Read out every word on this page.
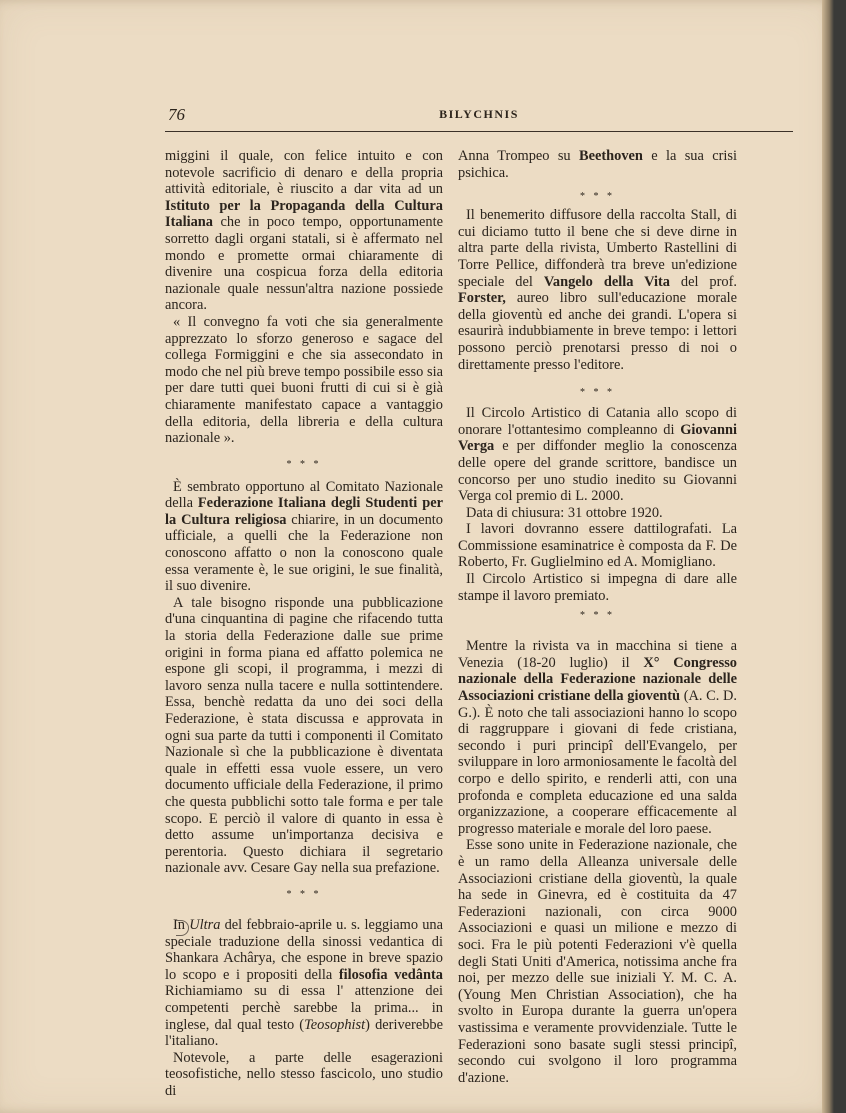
76	BILYCHNIS

miggini il quale, con felice intuito e con notevole sacrificio di denaro e della propria attività editoriale, è riuscito a dar vita ad un Istituto per la Propaganda della Cultura Italiana che in poco tempo, opportunamente sorretto dagli organi statali, si è affermato nel mondo e promette ormai chiaramente di divenire una cospicua forza della editoria nazionale quale nessun'altra nazione possiede ancora.

« Il convegno fa voti che sia generalmente apprezzato lo sforzo generoso e sagace del collega Formiggini e che sia assecondato in modo che nel più breve tempo possibile esso sia per dare tutti quei buoni frutti di cui si è già chiaramente manifestato capace a vantaggio della editoria, della libreria e della cultura nazionale ».

* * *

È sembrato opportuno al Comitato Nazionale della Federazione Italiana degli Studenti per la Cultura religiosa chiarire, in un documento ufficiale, a quelli che la Federazione non conoscono affatto o non la conoscono quale essa veramente è, le sue origini, le sue finalità, il suo divenire.

A tale bisogno risponde una pubblicazione d'una cinquantina di pagine che rifacendo tutta la storia della Federazione dalle sue prime origini in forma piana ed affatto polemica ne espone gli scopi, il programma, i mezzi di lavoro senza nulla tacere e nulla sottintendere. Essa, benchè redatta da uno dei soci della Federazione, è stata discussa e approvata in ogni sua parte da tutti i componenti il Comitato Nazionale sì che la pubblicazione è diventata quale in effetti essa vuole essere, un vero documento ufficiale della Federazione, il primo che questa pubblichi sotto tale forma e per tale scopo. E perciò il valore di quanto in essa è detto assume un'importanza decisiva e perentoria. Questo dichiara il segretario nazionale avv. Cesare Gay nella sua prefazione.

* * *

In Ultra del febbraio-aprile u. s. leggiamo una speciale traduzione della sinossi vedantica di Shankara Achârya, che espone in breve spazio lo scopo e i propositi della filosofia vedânta Richiamiamo su di essa l' attenzione dei competenti perchè sarebbe la prima... in inglese, dal qual testo (Teosophist) deriverebbe l'italiano.

Notevole, a parte delle esagerazioni teosofistiche, nello stesso fascicolo, uno studio di

Anna Trompeo su Beethoven e la sua crisi psichica.

* * *

Il benemerito diffusore della raccolta Stall, di cui diciamo tutto il bene che si deve dirne in altra parte della rivista, Umberto Rastellini di Torre Pellice, diffonderà tra breve un'edizione speciale del Vangelo della Vita del prof. Forster, aureo libro sull'educazione morale della gioventù ed anche dei grandi. L'opera si esaurirà indubbiamente in breve tempo: i lettori possono perciò prenotarsi presso di noi o direttamente presso l'editore.

* * *

Il Circolo Artistico di Catania allo scopo di onorare l'ottantesimo compleanno di Giovanni Verga e per diffonder meglio la conoscenza delle opere del grande scrittore, bandisce un concorso per uno studio inedito su Giovanni Verga col premio di L. 2000.

Data di chiusura: 31 ottobre 1920.

I lavori dovranno essere dattilografati. La Commissione esaminatrice è composta da F. De Roberto, Fr. Guglielmino ed A. Momigliano.

Il Circolo Artistico si impegna di dare alle stampe il lavoro premiato.

* * *

Mentre la rivista va in macchina si tiene a Venezia (18-20 luglio) il X° Congresso nazionale della Federazione nazionale delle Associazioni cristiane della gioventù (A. C. D. G.). È noto che tali associazioni hanno lo scopo di raggruppare i giovani di fede cristiana, secondo i puri principî dell'Evangelo, per sviluppare in loro armoniosamente le facoltà del corpo e dello spirito, e renderli atti, con una profonda e completa educazione ed una salda organizzazione, a cooperare efficacemente al progresso materiale e morale del loro paese.

Esse sono unite in Federazione nazionale, che è un ramo della Alleanza universale delle Associazioni cristiane della gioventù, la quale ha sede in Ginevra, ed è costituita da 47 Federazioni nazionali, con circa 9000 Associazioni e quasi un milione e mezzo di soci. Fra le più potenti Federazioni v'è quella degli Stati Uniti d'America, notissima anche fra noi, per mezzo delle sue iniziali Y. M. C. A. (Young Men Christian Association), che ha svolto in Europa durante la guerra un'opera vastissima e veramente provvidenziale. Tutte le Federazioni sono basate sugli stessi principî, secondo cui svolgono il loro programma d'azione.
